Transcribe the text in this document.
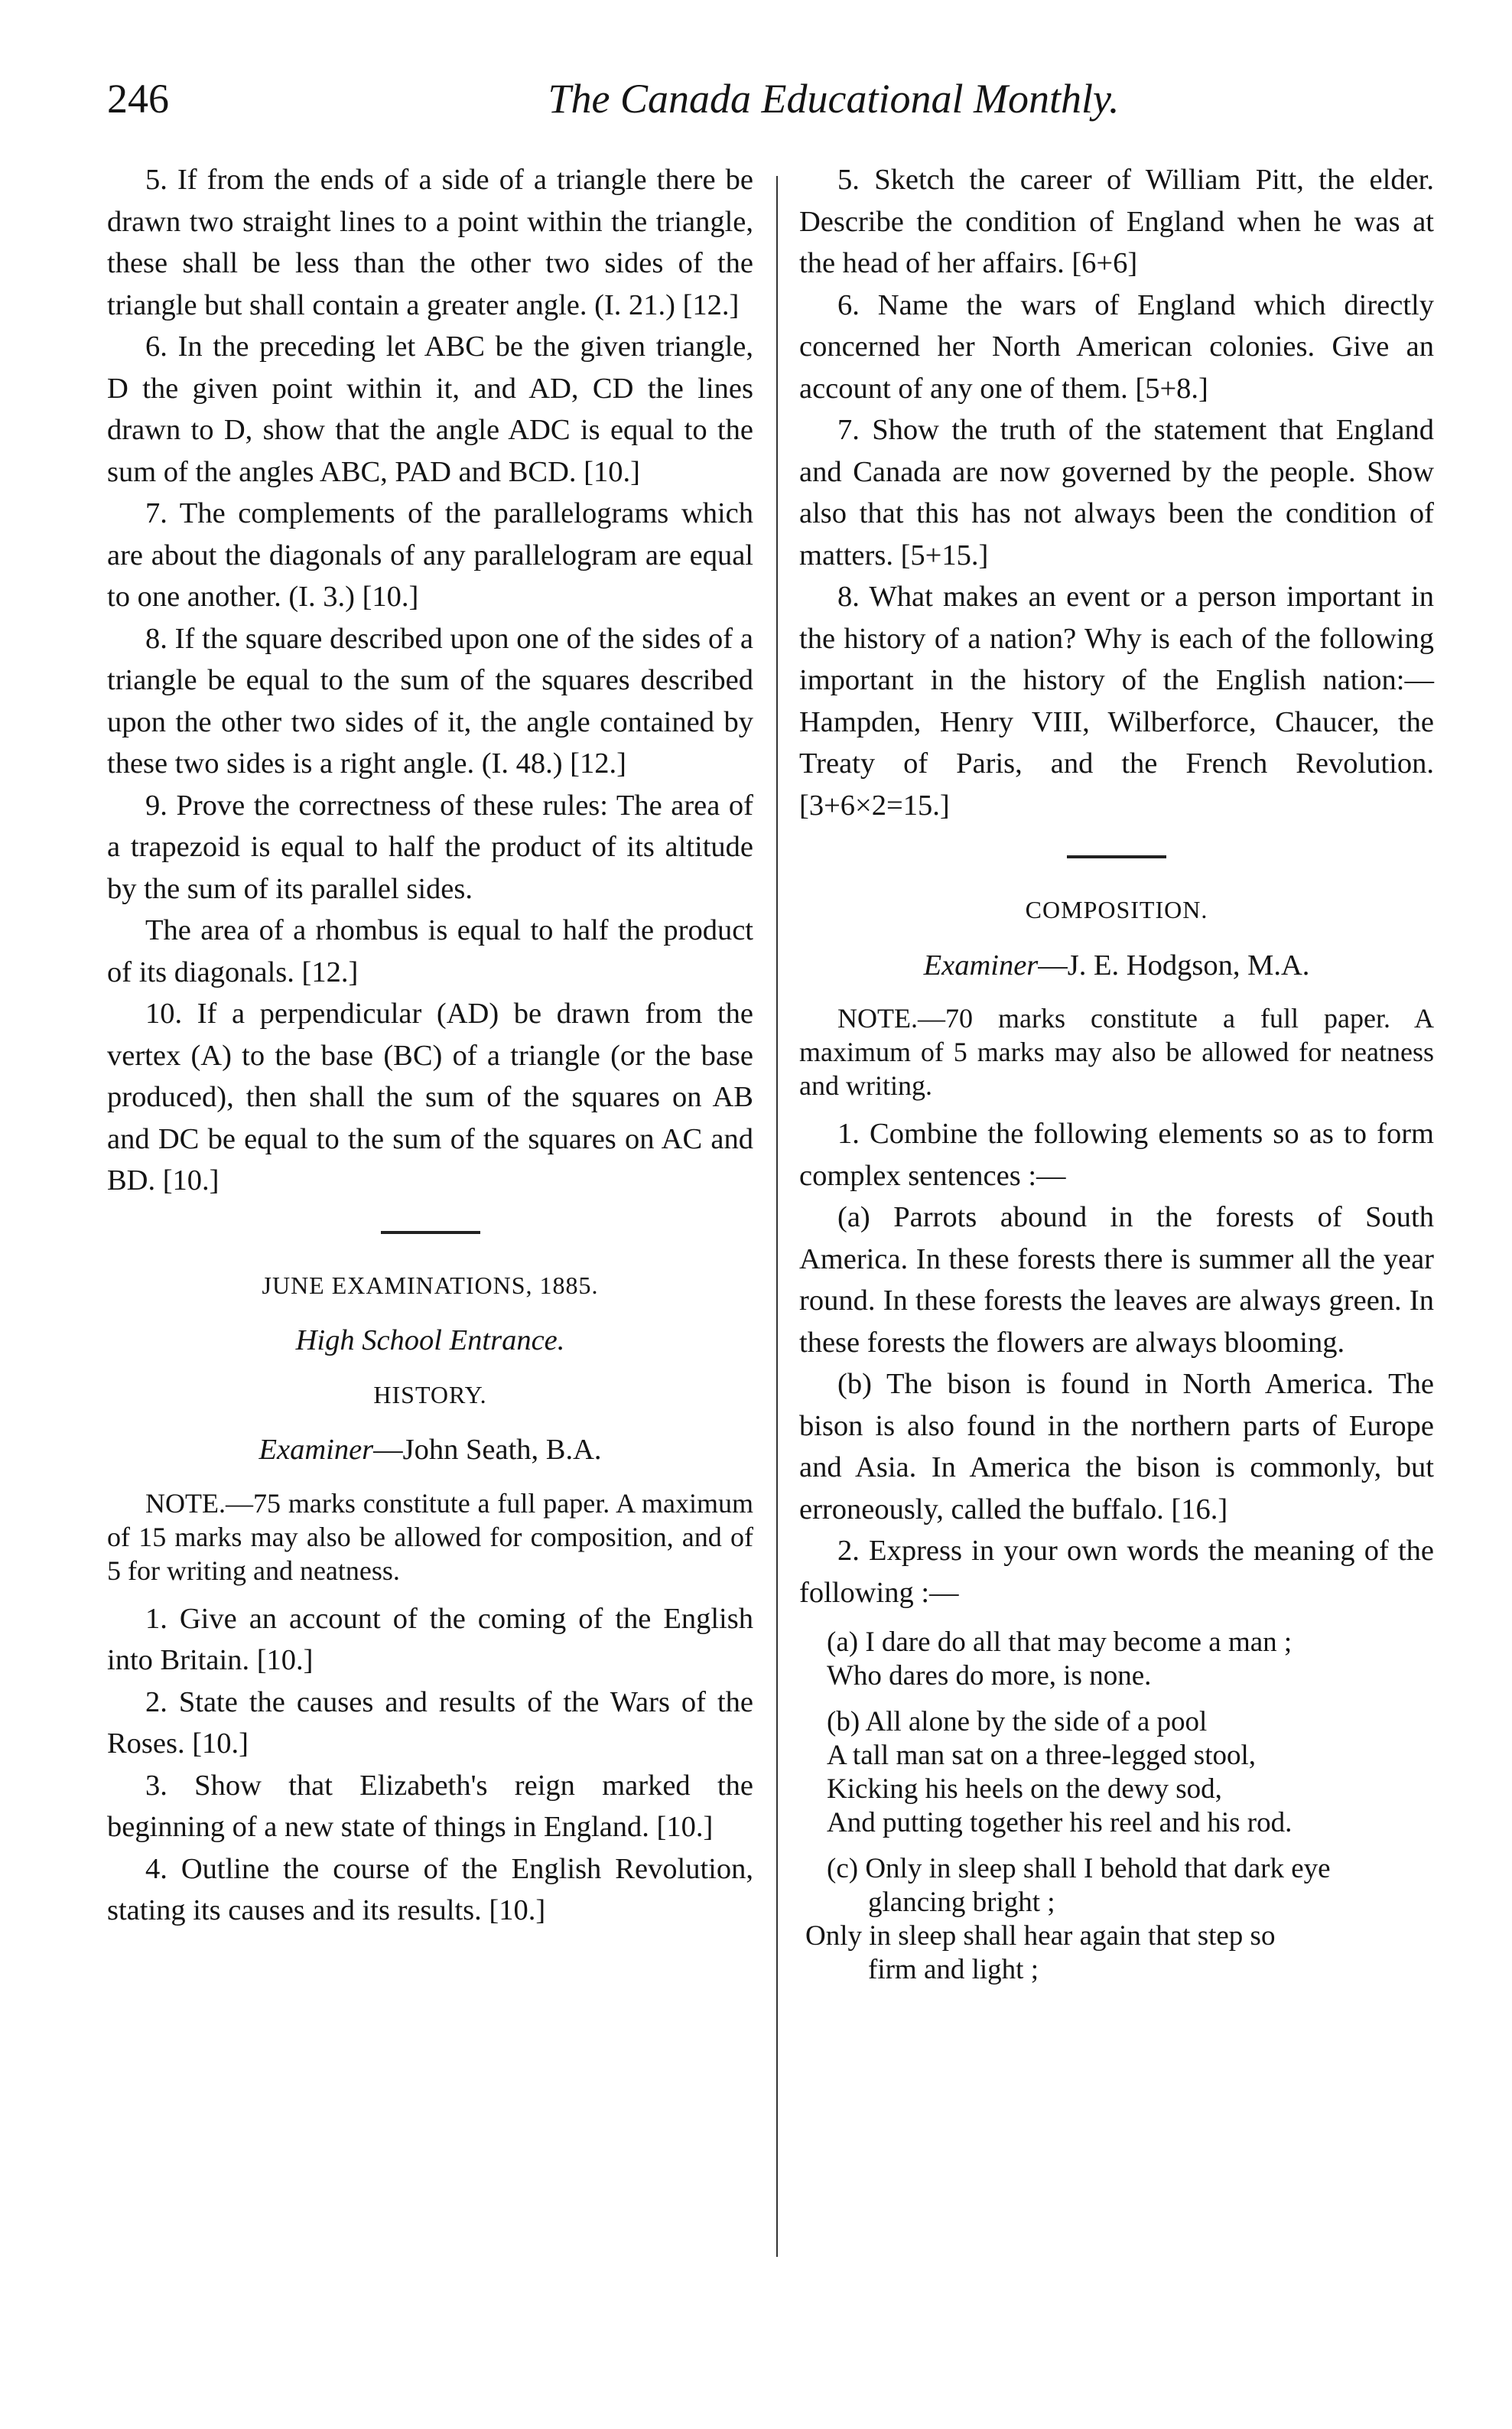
246	The Canada Educational Monthly.

5. If from the ends of a side of a triangle there be drawn two straight lines to a point within the triangle, these shall be less than the other two sides of the triangle but shall contain a greater angle. (I. 21.) [12.]

6. In the preceding let ABC be the given triangle, D the given point within it, and AD, CD the lines drawn to D, show that the angle ADC is equal to the sum of the angles ABC, PAD and BCD. [10.]

7. The complements of the parallelograms which are about the diagonals of any parallelogram are equal to one another. (I. 3.) [10.]

8. If the square described upon one of the sides of a triangle be equal to the sum of the squares described upon the other two sides of it, the angle contained by these two sides is a right angle. (I. 48.) [12.]

9. Prove the correctness of these rules: The area of a trapezoid is equal to half the product of its altitude by the sum of its parallel sides.

The area of a rhombus is equal to half the product of its diagonals. [12.]

10. If a perpendicular (AD) be drawn from the vertex (A) to the base (BC) of a triangle (or the base produced), then shall the sum of the squares on AB and DC be equal to the sum of the squares on AC and BD. [10.]

JUNE EXAMINATIONS, 1885.

High School Entrance.

HISTORY.

Examiner—John Seath, B.A.

NOTE.—75 marks constitute a full paper. A maximum of 15 marks may also be allowed for composition, and of 5 for writing and neatness.

1. Give an account of the coming of the English into Britain. [10.]

2. State the causes and results of the Wars of the Roses. [10.]

3. Show that Elizabeth's reign marked the beginning of a new state of things in England. [10.]

4. Outline the course of the English Revolution, stating its causes and its results. [10.]

5. Sketch the career of William Pitt, the elder. Describe the condition of England when he was at the head of her affairs. [6+6]

6. Name the wars of England which directly concerned her North American colonies. Give an account of any one of them. [5+8.]

7. Show the truth of the statement that England and Canada are now governed by the people. Show also that this has not always been the condition of matters. [5+15.]

8. What makes an event or a person important in the history of a nation? Why is each of the following important in the history of the English nation:—Hampden, Henry VIII, Wilberforce, Chaucer, the Treaty of Paris, and the French Revolution. [3+6×2=15.]

COMPOSITION.

Examiner—J. E. Hodgson, M.A.

NOTE.—70 marks constitute a full paper. A maximum of 5 marks may also be allowed for neatness and writing.

1. Combine the following elements so as to form complex sentences :—

(a) Parrots abound in the forests of South America. In these forests there is summer all the year round. In these forests the leaves are always green. In these forests the flowers are always blooming.

(b) The bison is found in North America. The bison is also found in the northern parts of Europe and Asia. In America the bison is commonly, but erroneously, called the buffalo. [16.]

2. Express in your own words the meaning of the following :—

(a) I dare do all that may become a man ;
Who dares do more, is none.
(b) All alone by the side of a pool
A tall man sat on a three-legged stool,
Kicking his heels on the dewy sod,
And putting together his reel and his rod.
(c) Only in sleep shall I behold that dark eye
glancing bright ;
Only in sleep shall hear again that step so
firm and light ;
